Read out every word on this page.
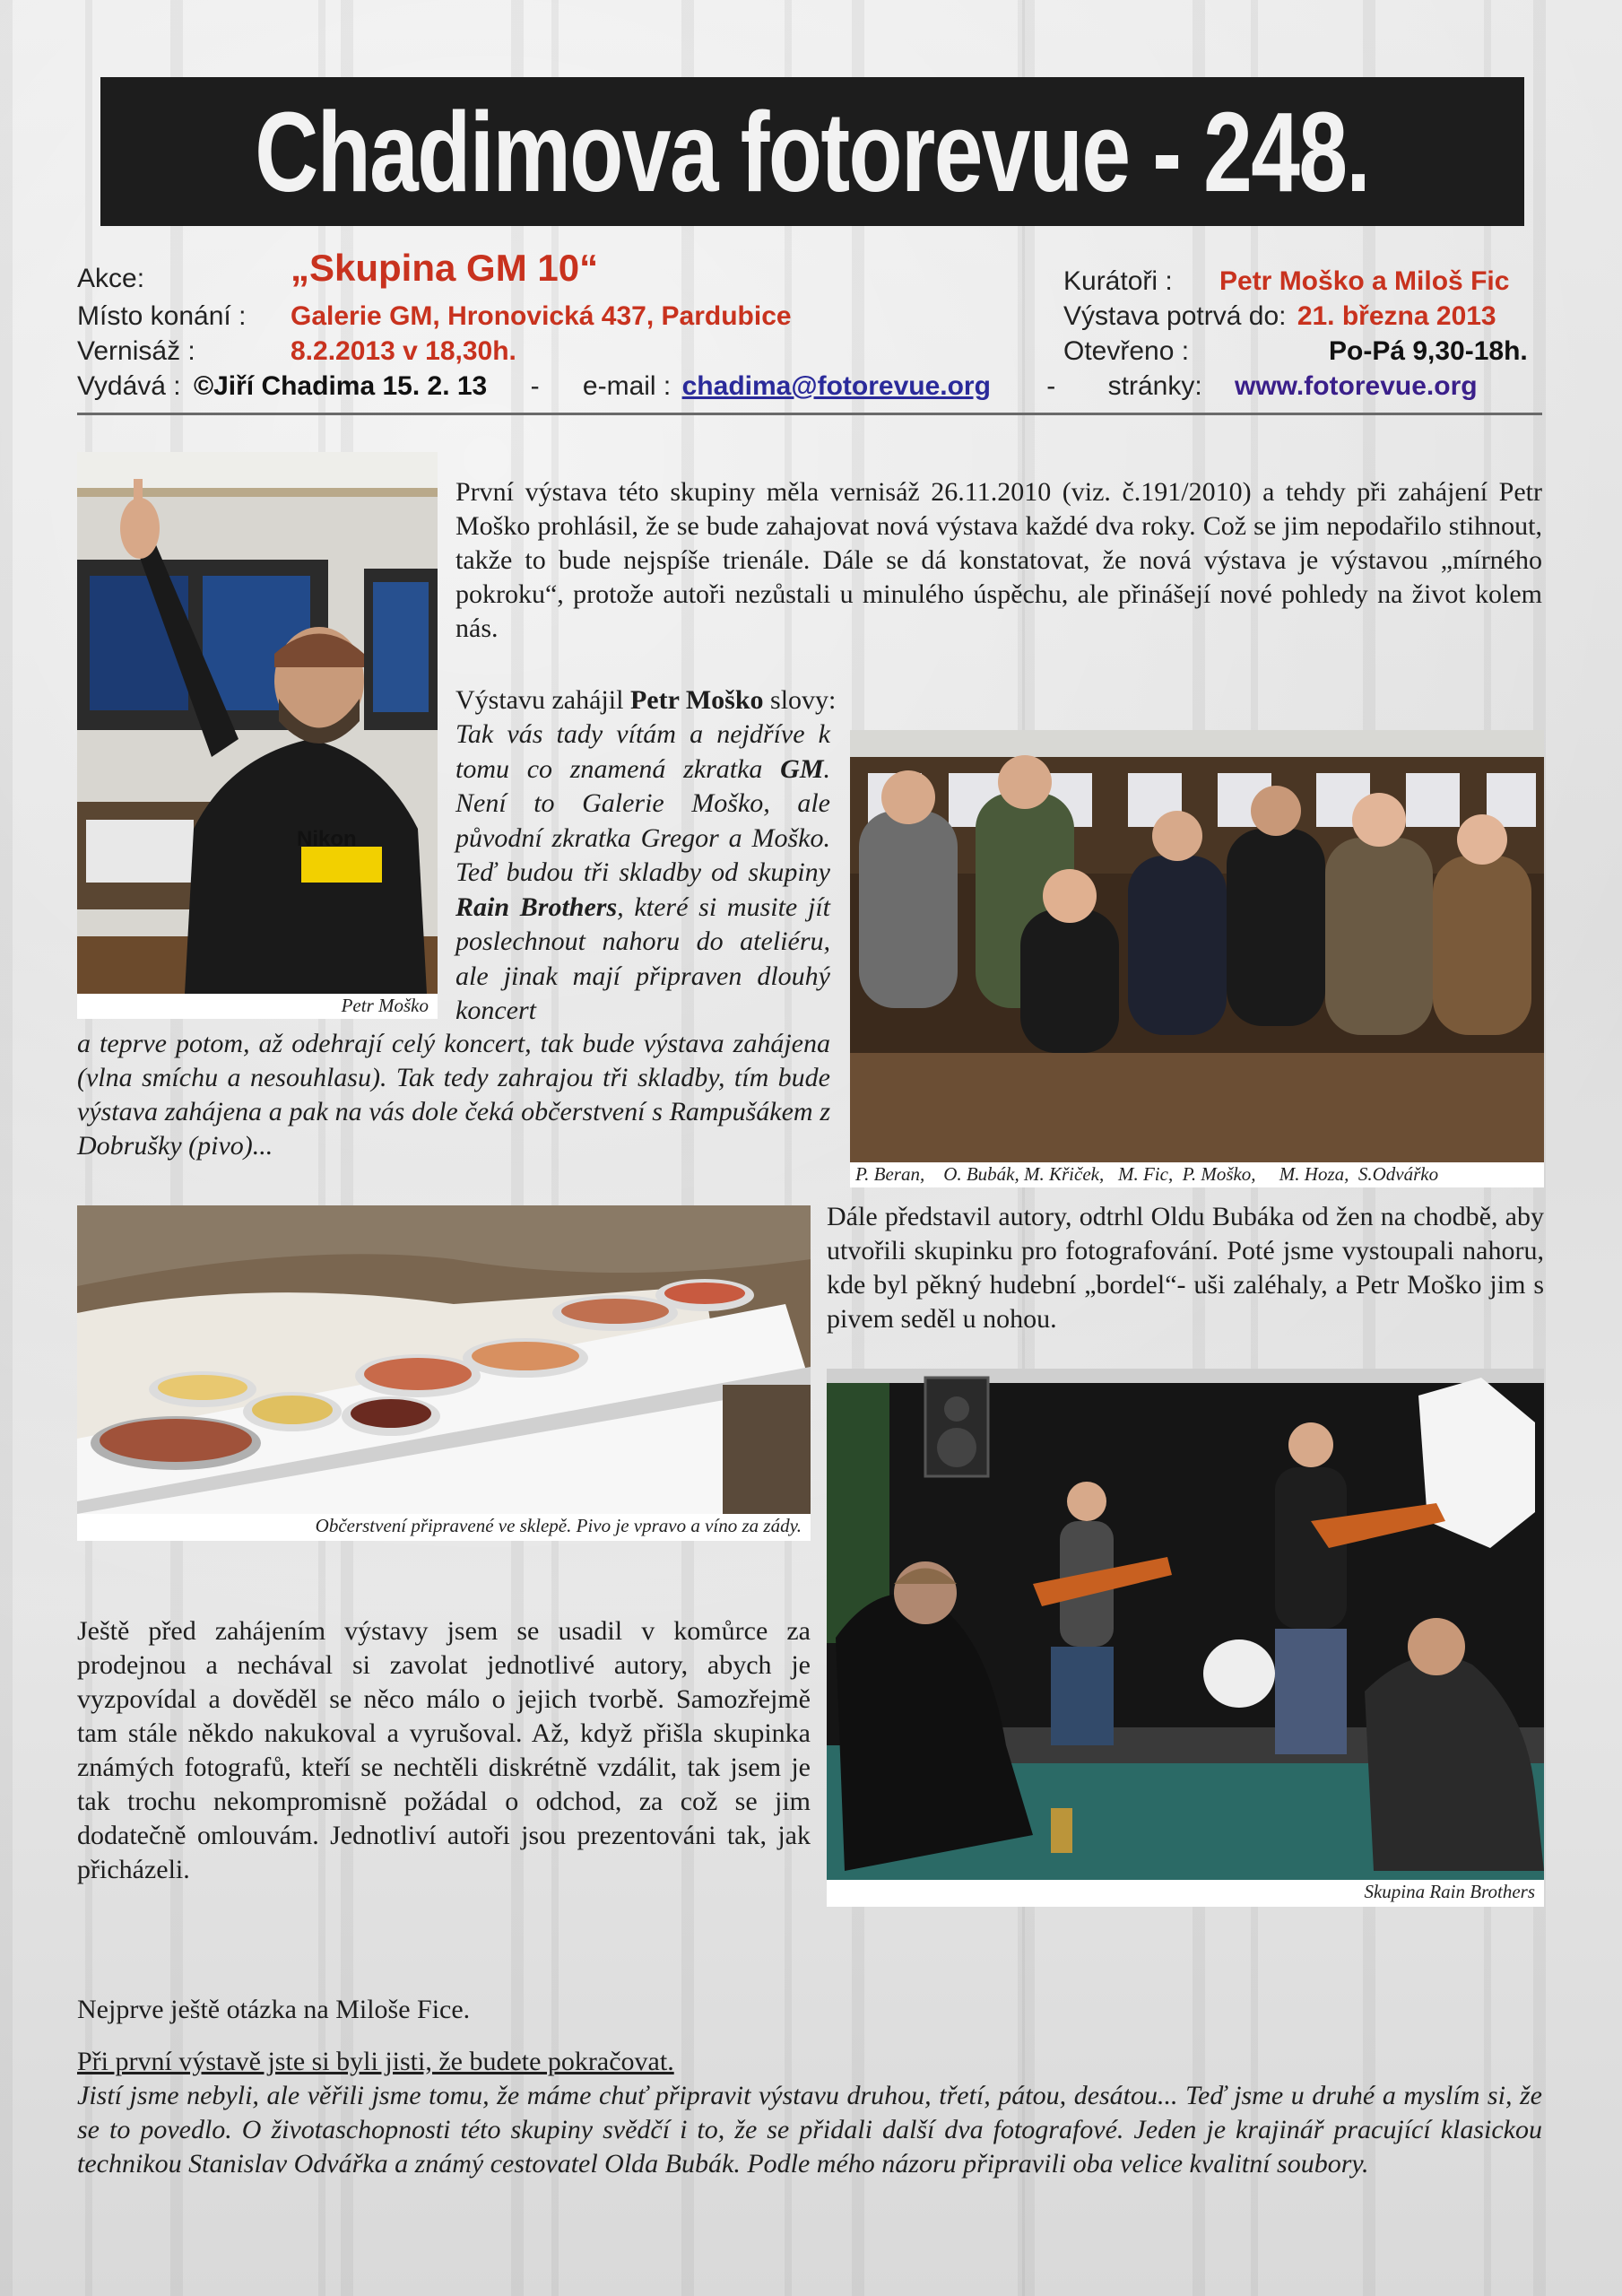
Chadimova fotorevue - 248.
Akce:	„Skupina GM 10“
Místo konání : Galerie GM, Hronovická 437, Pardubice
Vernisáž :	8.2.2013 v 18,30h.
Vydává : ©Jiří Chadima 15. 2. 13 - e-mail : chadima@fotorevue.org - stránky: www.fotorevue.org
Kurátoři : Petr Moško a Miloš Fic
Výstava potrvá do: 21. března 2013
Otevřeno :	Po-Pá 9,30-18h.
Nikon
Petr Moško
První výstava této skupiny měla vernisáž 26.11.2010 (viz. č.191/2010) a tehdy při zahájení Petr Moško prohlásil, že se bude zahajovat nová výstava každé dva roky. Což se jim nepodařilo stihnout, takže to bude nejspíše trienále. Dále se dá konstatovat, že nová výstava je výstavou „mírného pokroku“, protože autoři nezůstali u minulého úspěchu, ale přinášejí nové pohledy na život kolem nás.
Výstavu zahájil Petr Moško slovy:
Tak vás tady vítám a nejdříve k tomu co znamená zkratka GM. Není to Galerie Moško, ale původní zkratka Gregor a Moško. Teď budou tři skladby od skupiny Rain Brothers, které si musite jít poslechnout nahoru do ateliéru, ale jinak mají připraven dlouhý koncert
a teprve potom, až odehrají celý koncert, tak bude výstava zahájena (vlna smíchu a nesouhlasu). Tak tedy zahrajou tři skladby, tím bude výstava zahájena a pak na vás dole čeká občerstvení s Rampušákem z Dobrušky (pivo)...
P. Beran,    O. Bubák, M. Křiček,   M. Fic,  P. Moško,     M. Hoza,  S.Odvářko
Občerstvení připravené ve sklepě. Pivo je vpravo a víno za zády.
Dále představil autory, odtrhl Oldu Bubáka od žen na chodbě, aby utvořili skupinku pro fotografování. Poté jsme vystoupali nahoru, kde byl pěkný hudební „bordel“- uši zaléhaly, a Petr Moško jim s pivem seděl u nohou.
Skupina Rain Brothers
Ještě před zahájením výstavy jsem se usadil v komůrce za prodejnou a nechával si zavolat jednotlivé autory, abych je vyzpovídal a dověděl se něco málo o jejich tvorbě. Samozřejmě tam stále někdo nakukoval a vyrušoval. Až, když přišla skupinka známých fotografů, kteří se nechtěli diskrétně vzdálit, tak jsem je tak trochu nekompromisně požádal o odchod, za což se jim dodatečně omlouvám. Jednotliví autoři jsou prezentováni tak, jak přicházeli.
Nejprve ještě otázka na Miloše Fice.
Při první výstavě jste si byli jisti, že budete pokračovat.
Jistí jsme nebyli, ale věřili jsme tomu, že máme chuť připravit výstavu druhou, třetí, pátou, desátou... Teď jsme u druhé a myslím si, že se to povedlo. O životaschopnosti této skupiny svědčí i to, že se přidali další dva fotografové. Jeden je krajinář pracující klasickou technikou Stanislav Odvářka a známý cestovatel Olda Bubák. Podle mého názoru připravili oba velice kvalitní soubory.
